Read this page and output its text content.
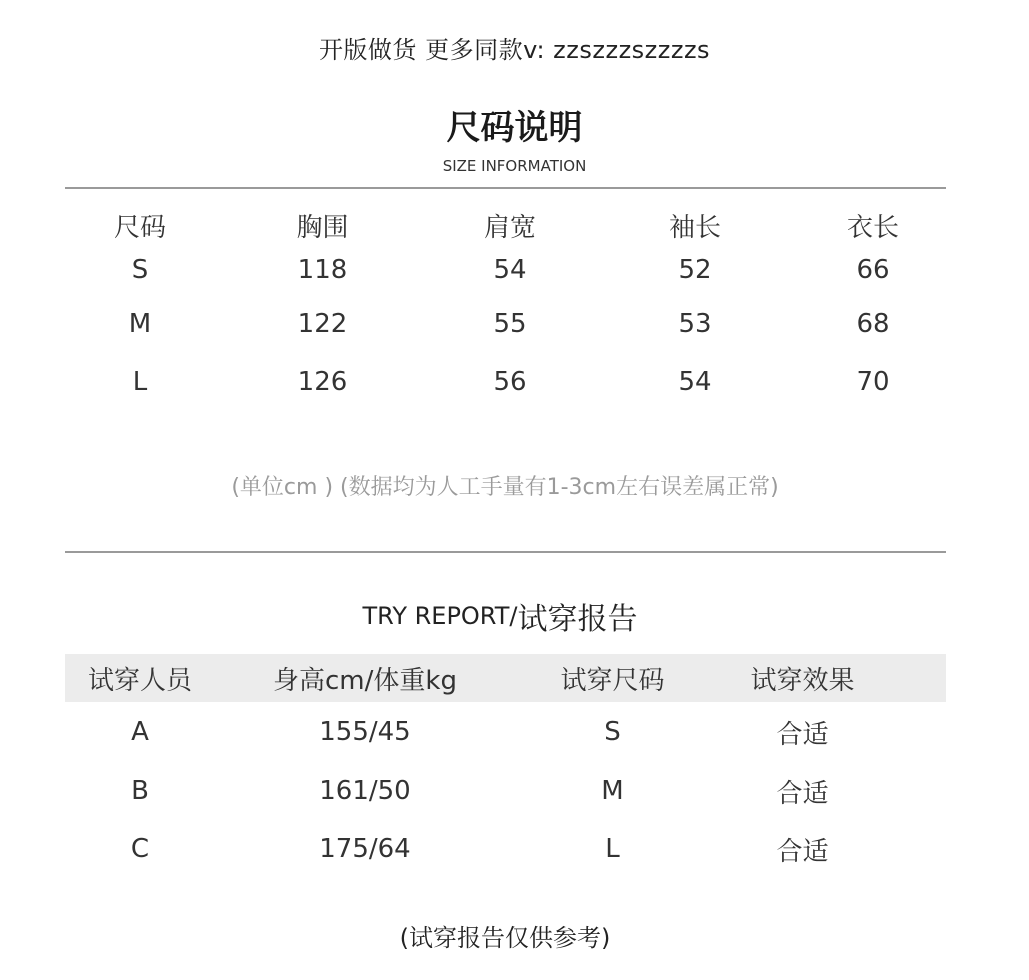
开版做货 更多同款v: zzszzzszzzzs
尺码说明
SIZE INFORMATION
尺码	胸围	肩宽	袖长	衣长
S	118	54	52	66
M	122	55	53	68
L	126	56	54	70
(单位cm ) (数据均为人工手量有1-3cm左右误差属正常)
TRY REPORT/试穿报告
试穿人员	身高cm/体重kg	试穿尺码	试穿效果
A	155/45	S	合适
B	161/50	M	合适
C	175/64	L	合适
(试穿报告仅供参考)
